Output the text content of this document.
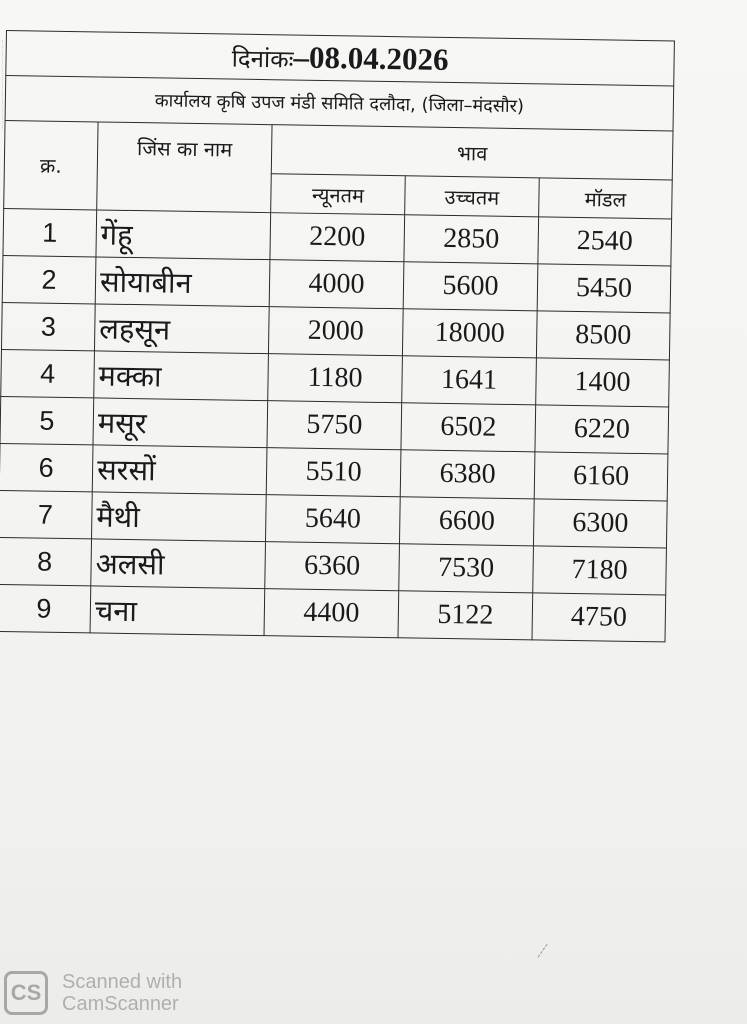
दिनांकः–08.04.2026				
कार्यालय कृषि उपज मंडी समिति दलौदा, (जिला–मंदसौर)				
क्र.	जिंस का नाम	भाव		
		न्यूनतम	उच्चतम	मॉडल
1	गेंहू	2200	2850	2540
2	सोयाबीन	4000	5600	5450
3	लहसून	2000	18000	8500
4	मक्का	1180	1641	1400
5	मसूर	5750	6502	6220
6	सरसों	5510	6380	6160
7	मैथी	5640	6600	6300
8	अलसी	6360	7530	7180
9	चना	4400	5122	4750
CS	Scanned with
CamScanner
